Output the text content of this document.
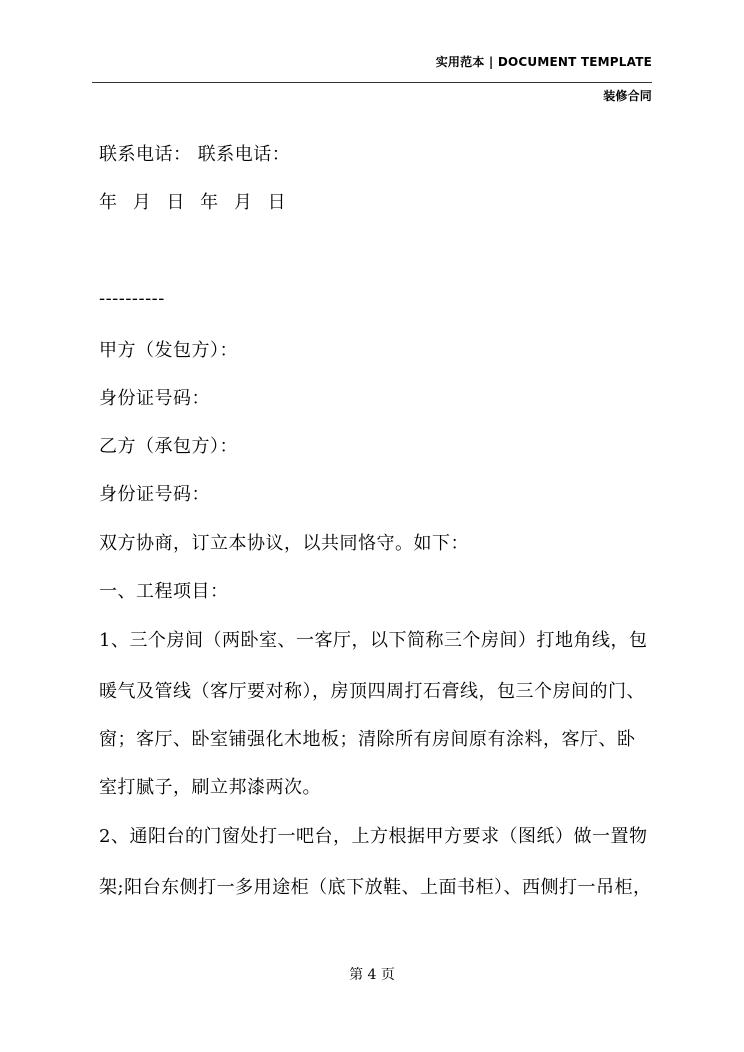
实用范本 | DOCUMENT TEMPLATE
装修合同
联系电话： 联系电话：
年 月 日 年 月 日
----------
甲方（发包方）：
身份证号码：
乙方（承包方）：
身份证号码：
双方协商，订立本协议，以共同恪守。如下：
一、工程项目：
1、三个房间（两卧室、一客厅，以下简称三个房间）打地角线，包
暖气及管线（客厅要对称），房顶四周打石膏线，包三个房间的门、
窗；客厅、卧室铺强化木地板；清除所有房间原有涂料，客厅、卧
室打腻子，刷立邦漆两次。
2、通阳台的门窗处打一吧台，上方根据甲方要求（图纸）做一置物
架;阳台东侧打一多用途柜（底下放鞋、上面书柜）、西侧打一吊柜，
第 4 页
